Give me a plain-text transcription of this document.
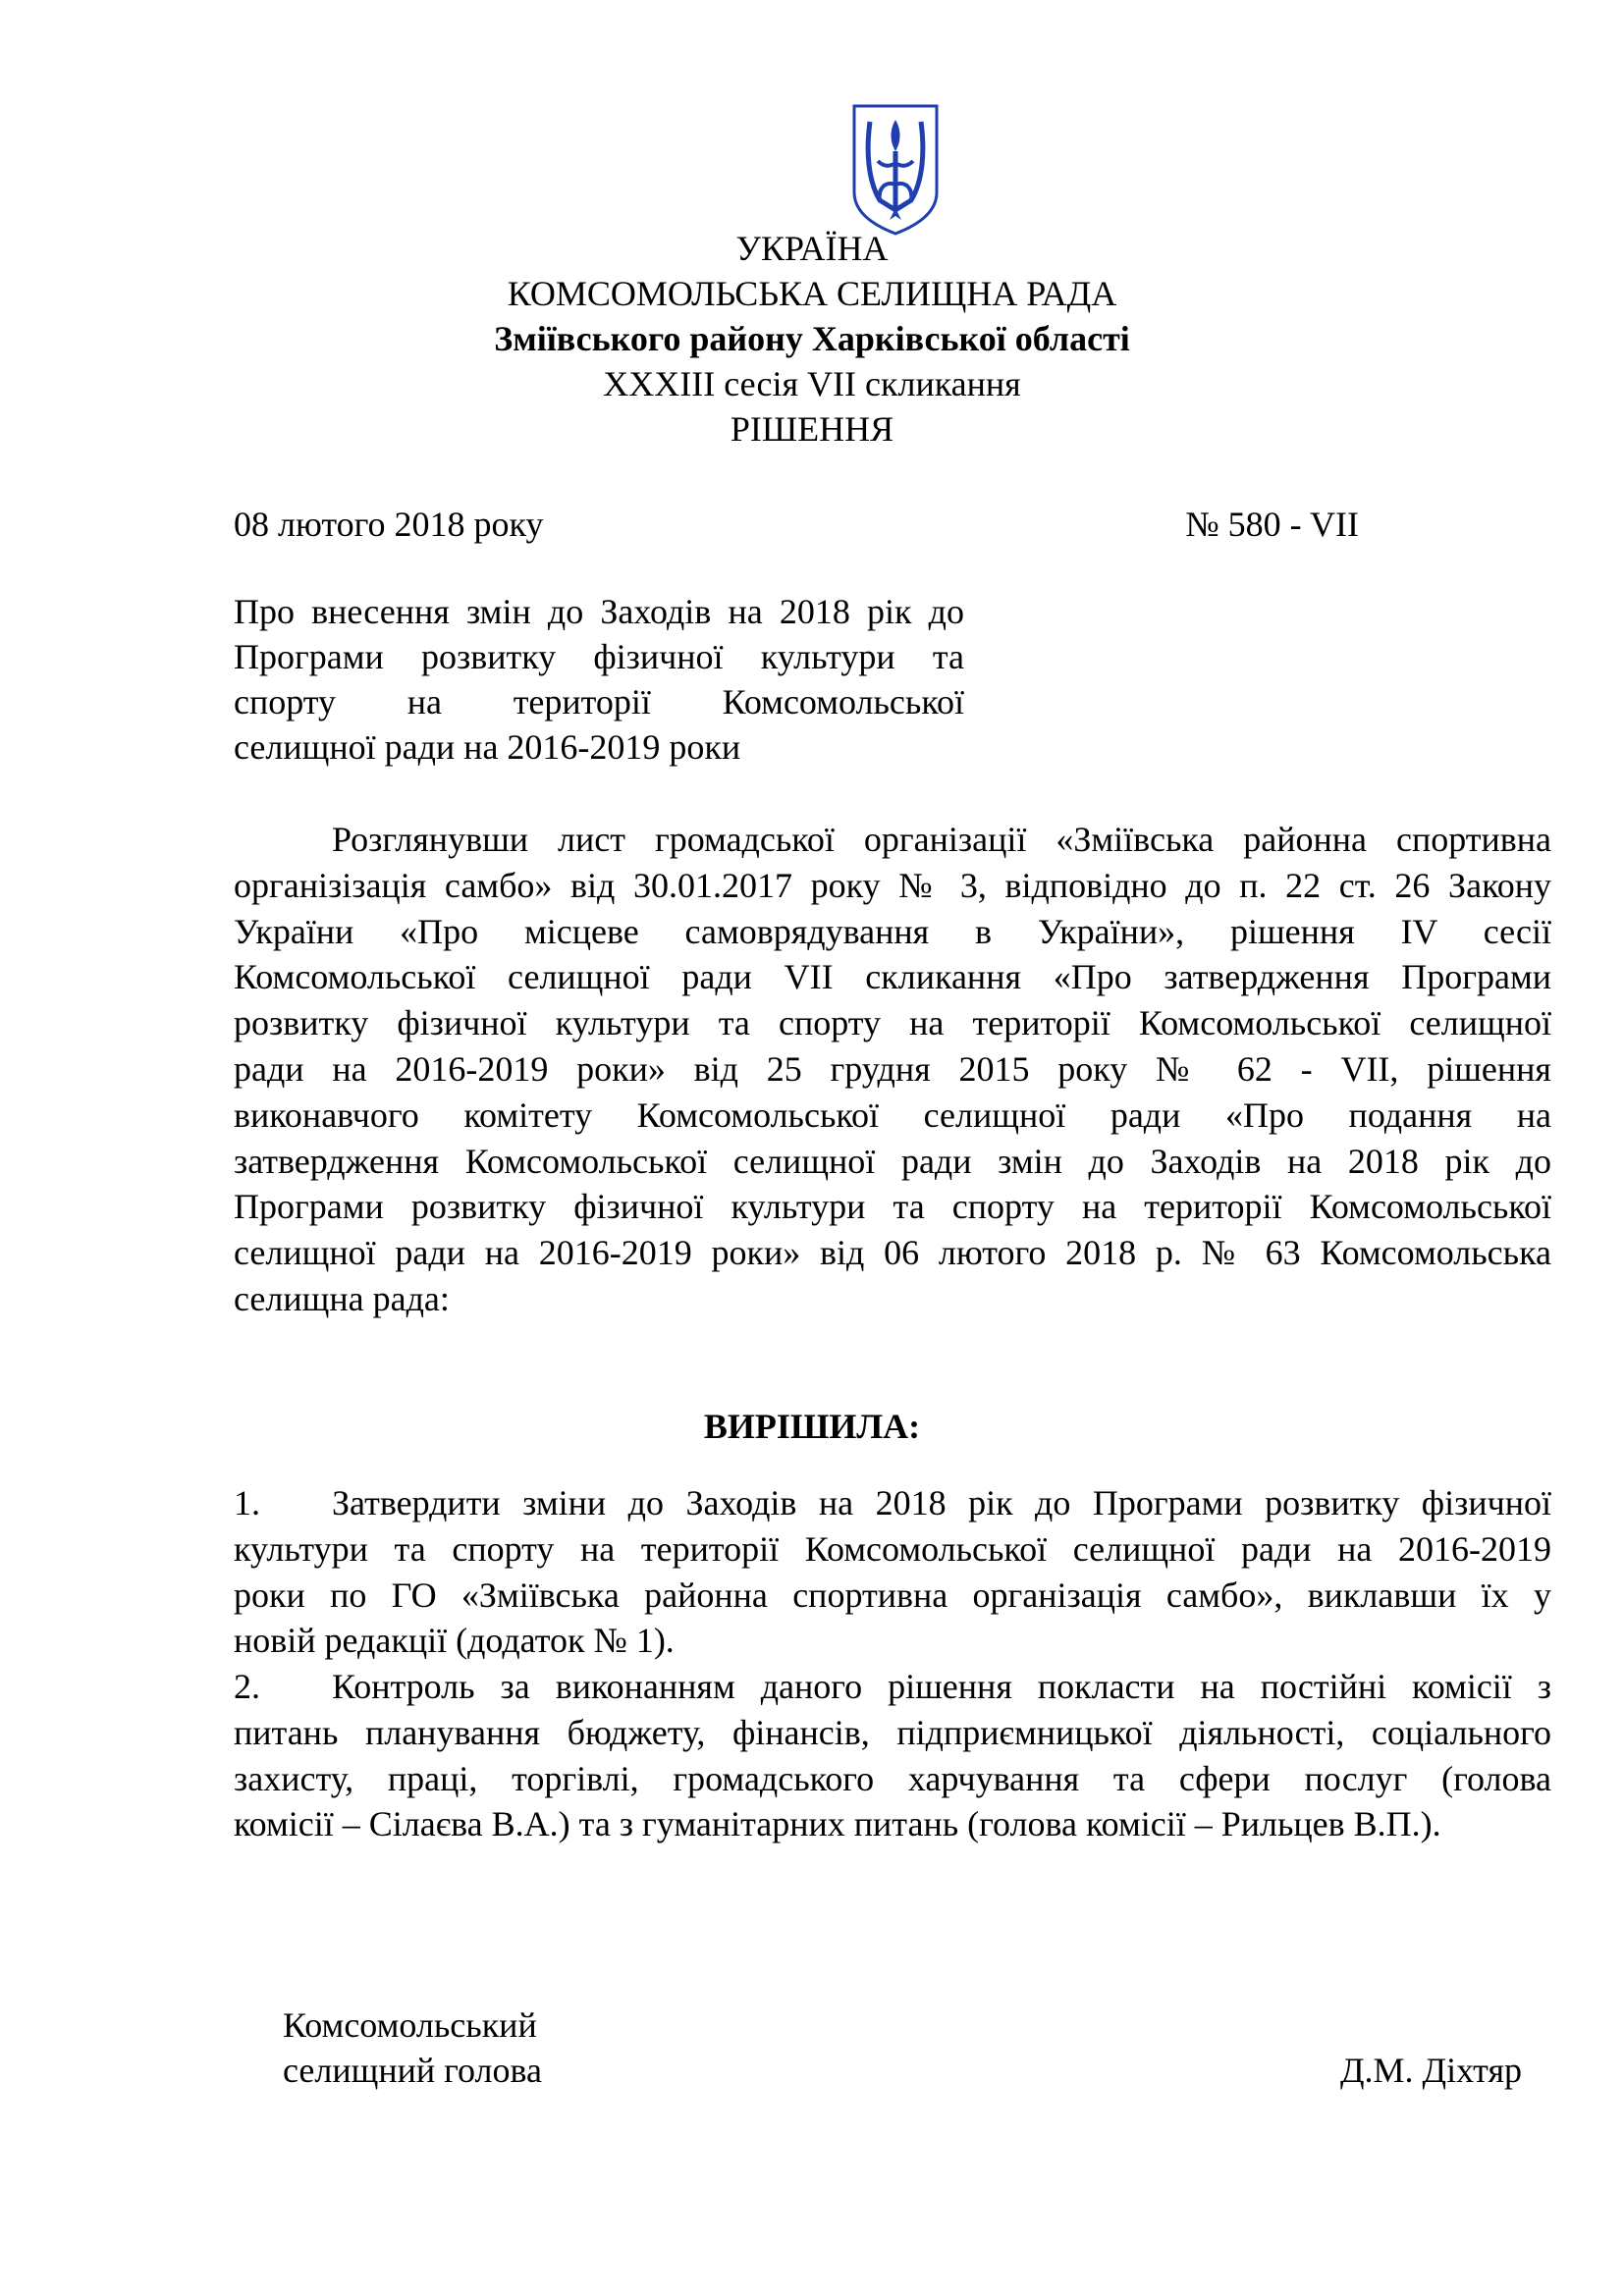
УКРАЇНА
КОМСОМОЛЬСЬКА СЕЛИЩНА РАДА
Зміївського району Харківської області
XXXIII сесія VII скликання
РІШЕННЯ
08 лютого 2018 року	№ 580 - VII
Про внесення змін до Заходів на 2018 рік до
Програми розвитку фізичної культури та
спорту на території Комсомольської
селищної ради на 2016-2019 роки
Розглянувши лист громадської організації «Зміївська районна спортивна
організізація самбо» від 30.01.2017 року № 3, відповідно до п. 22 ст. 26 Закону
України «Про місцеве самоврядування в України», рішення IV сесії
Комсомольської селищної ради VII скликання «Про затвердження Програми
розвитку фізичної культури та спорту на території Комсомольської селищної
ради на 2016-2019 роки» від 25 грудня 2015 року № 62 - VII, рішення
виконавчого комітету Комсомольської селищної ради «Про подання на
затвердження Комсомольської селищної ради змін до Заходів на 2018 рік до
Програми розвитку фізичної культури та спорту на території Комсомольської
селищної ради на 2016-2019 роки» від 06 лютого 2018 р. № 63 Комсомольська
селищна рада:
ВИРІШИЛА:
1. Затвердити зміни до Заходів на 2018 рік до Програми розвитку фізичної
культури та спорту на території Комсомольської селищної ради на 2016-2019
роки по ГО «Зміївська районна спортивна організація самбо», виклавши їх у
новій редакції (додаток № 1).
2. Контроль за виконанням даного рішення покласти на постійні комісії з
питань планування бюджету, фінансів, підприємницької діяльності, соціального
захисту, праці, торгівлі, громадського харчування та сфери послуг (голова
комісії – Сілаєва В.А.) та з гуманітарних питань (голова комісії – Рильцев В.П.).
Комсомольський
селищний голова	Д.М. Діхтяр
